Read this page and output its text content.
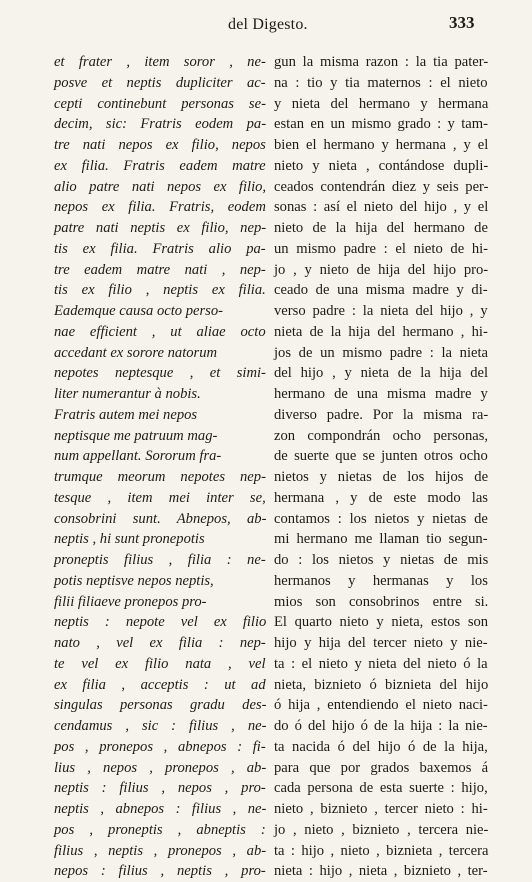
del Digesto.	333
et frater , item soror , ne-
posve et neptis dupliciter ac-
cepti continebunt personas se-
decim, sic: Fratris eodem pa-
tre nati nepos ex filio, nepos
ex filia. Fratris eadem matre
alio patre nati nepos ex filio,
nepos ex filia. Fratris, eodem
patre nati neptis ex filio, nep-
tis ex filia. Fratris alio pa-
tre eadem matre nati , nep-
tis ex filio , neptis ex filia.
Eademque causa octo perso-
nae efficient , ut aliae octo
accedant ex sorore natorum
nepotes neptesque , et simi-
liter numerantur à nobis.
Fratris autem mei nepos
neptisque me patruum mag-
num appellant. Sororum fra-
trumque meorum nepotes nep-
tesque , item mei inter se,
consobrini sunt. Abnepos, ab-
neptis , hi sunt pronepotis
proneptis filius , filia : ne-
potis neptisve nepos neptis,
filii filiaeve pronepos pro-
neptis : nepote vel ex filio
nato , vel ex filia : nep-
te vel ex filio nata , vel
ex filia , acceptis : ut ad
singulas personas gradu des-
cendamus , sic : filius , ne-
pos , pronepos , abnepos : fi-
lius , nepos , pronepos , ab-
neptis : filius , nepos , pro-
neptis , abnepos : filius , ne-
pos , proneptis , abneptis :
filius , neptis , pronepos , ab-
nepos : filius , neptis , pro-
gun la misma razon : la tia pater-
na : tio y tia maternos : el nieto
y nieta del hermano y hermana
estan en un mismo grado : y tam-
bien el hermano y hermana , y el
nieto y nieta , contándose dupli-
ceados contendrán diez y seis per-
sonas : así el nieto del hijo , y el
nieto de la hija del hermano de
un mismo padre : el nieto de hi-
jo , y nieto de hija del hijo pro-
ceado de una misma madre y di-
verso padre : la nieta del hijo , y
nieta de la hija del hermano , hi-
jos de un mismo padre : la nieta
del hijo , y nieta de la hija del
hermano de una misma madre y
diverso padre. Por la misma ra-
zon compondrán ocho personas,
de suerte que se junten otros ocho
nietos y nietas de los hijos de
hermana , y de este modo las
contamos : los nietos y nietas de
mi hermano me llaman tio segun-
do : los nietos y nietas de mis
hermanos y hermanas y los
mios son consobrinos entre si.
El quarto nieto y nieta, estos son
hijo y hija del tercer nieto y nie-
ta : el nieto y nieta del nieto ó la
nieta, biznieto ó biznieta del hijo
ó hija , entendiendo el nieto naci-
do ó del hijo ó de la hija : la nie-
ta nacida ó del hijo ó de la hija,
para que por grados baxemos á
cada persona de esta suerte : hijo,
nieto , biznieto , tercer nieto : hi-
jo , nieto , biznieto , tercera nie-
ta : hijo , nieto , biznieta , tercera
nieta : hijo , nieta , biznieto , ter-
